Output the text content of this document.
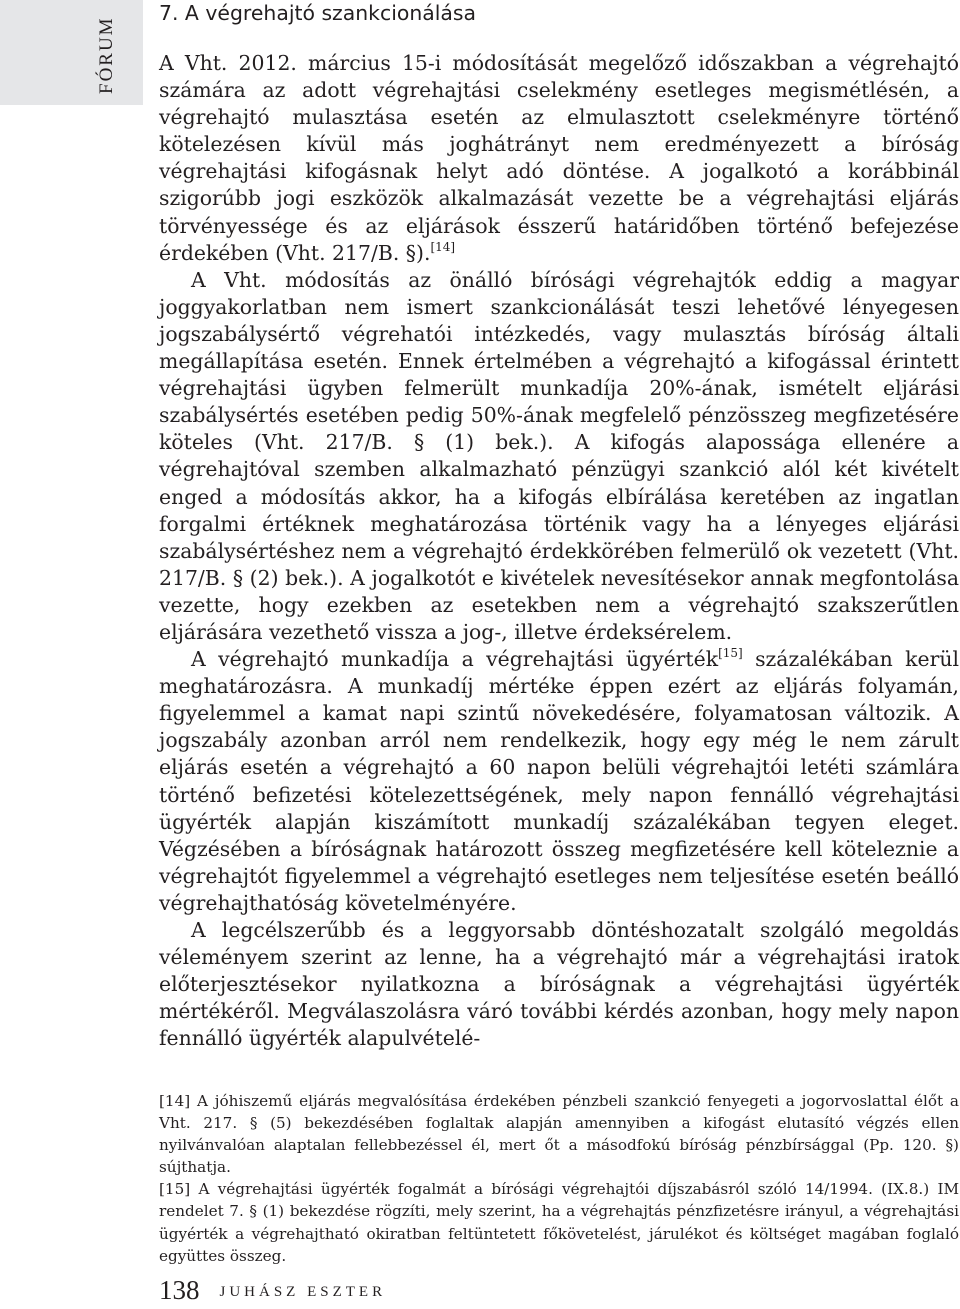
FÓRUM
7. A végrehajtó szankcionálása

A Vht. 2012. március 15-i módosítását megelőző időszakban a végrehajtó számára az adott végrehajtási cselekmény esetleges megismétlésén, a végrehajtó mulasztása esetén az elmulasztott cselekményre történő kötelezésen kívül más joghátrányt nem eredményezett a bíróság végrehajtási kifogásnak helyt adó döntése. A jogalkotó a korábbinál szigorúbb jogi eszközök alkalmazását vezette be a végrehajtási eljárás törvényessége és az eljárások ésszerű határidőben történő befejezése érdekében (Vht. 217/B. §).[14]

A Vht. módosítás az önálló bírósági végrehajtók eddig a magyar joggyakorlatban nem ismert szankcionálását teszi lehetővé lényegesen jogszabálysértő végrehatói intézkedés, vagy mulasztás bíróság általi megállapítása esetén. Ennek értelmében a végrehajtó a kifogással érintett végrehajtási ügyben felmerült munkadíja 20%-ának, ismételt eljárási szabálysértés esetében pedig 50%-ának megfelelő pénzösszeg megfizetésére köteles (Vht. 217/B. § (1) bek.). A kifogás alapossága ellenére a végrehajtóval szemben alkalmazható pénzügyi szankció alól két kivételt enged a módosítás akkor, ha a kifogás elbírálása keretében az ingatlan forgalmi értéknek meghatározása történik vagy ha a lényeges eljárási szabálysértéshez nem a végrehajtó érdekkörében felmerülő ok vezetett (Vht. 217/B. § (2) bek.). A jogalkotót e kivételek nevesítésekor annak megfontolása vezette, hogy ezekben az esetekben nem a végrehajtó szakszerűtlen eljárására vezethető vissza a jog-, illetve érdeksérelem.

A végrehajtó munkadíja a végrehajtási ügyérték[15] százalékában kerül meghatározásra. A munkadíj mértéke éppen ezért az eljárás folyamán, figyelemmel a kamat napi szintű növekedésére, folyamatosan változik. A jogszabály azonban arról nem rendelkezik, hogy egy még le nem zárult eljárás esetén a végrehajtó a 60 napon belüli végrehajtói letéti számlára történő befizetési kötelezettségének, mely napon fennálló végrehajtási ügyérték alapján kiszámított munkadíj százalékában tegyen eleget. Végzésében a bíróságnak határozott összeg megfizetésére kell köteleznie a végrehajtót figyelemmel a végrehajtó esetleges nem teljesítése esetén beálló végrehajthatóság követelményére.

A legcélszerűbb és a leggyorsabb döntéshozatalt szolgáló megoldás véleményem szerint az lenne, ha a végrehajtó már a végrehajtási iratok előterjesztésekor nyilatkozna a bíróságnak a végrehajtási ügyérték mértékéről. Megválaszolásra váró további kérdés azonban, hogy mely napon fennálló ügyérték alapulvételé-

[14] A jóhiszemű eljárás megvalósítása érdekében pénzbeli szankció fenyegeti a jogorvoslattal élőt a Vht. 217. § (5) bekezdésében foglaltak alapján amennyiben a kifogást elutasító végzés ellen nyilvánvalóan alaptalan fellebbezéssel él, mert őt a másodfokú bíróság pénzbírsággal (Pp. 120. §) sújthatja.

[15] A végrehajtási ügyérték fogalmát a bírósági végrehajtói díjszabásról szóló 14/1994. (IX.8.) IM rendelet 7. § (1) bekezdése rögzíti, mely szerint, ha a végrehajtás pénzfizetésre irányul, a végrehajtási ügyérték a végrehajtható okiratban feltüntetett főkövetelést, járulékot és költséget magában foglaló együttes összeg.

138 JUHÁSZ ESZTER
